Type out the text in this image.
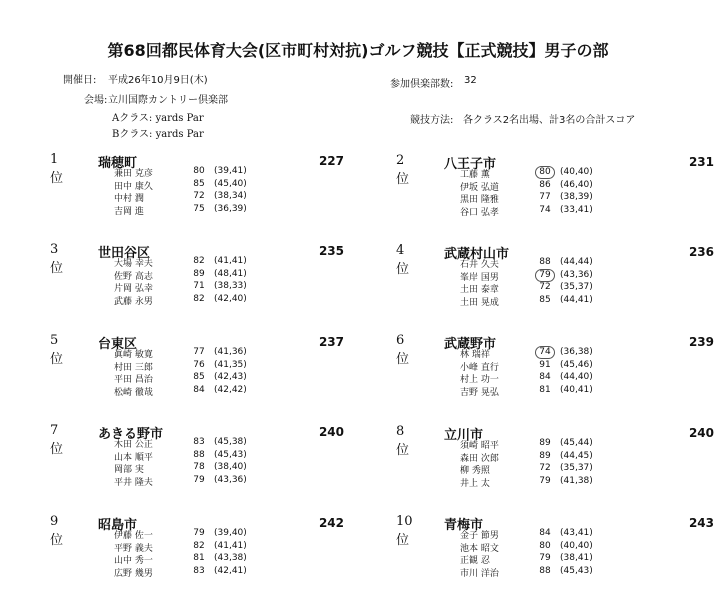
第68回都民体育大会(区市町村対抗)ゴルフ競技【正式競技】男子の部
開催日: 平成26年10月9日(木)
会場: 立川国際カントリー倶楽部
Aクラス: yards Par
Bクラス: yards Par
参加倶楽部数: 32
競技方法: 各クラス2名出場、計3名の合計スコア
1位
瑞穂町	227
兼田 克彦	80	(39,41)
田中 康久	85	(45,40)
中村 潤	72	(38,34)
吉岡 進	75	(36,39)
2位
八王子市	231
工藤 薫	80	(40,40)
伊坂 弘道	86	(46,40)
黒田 隆雅	77	(38,39)
谷口 弘孝	74	(33,41)
3位
世田谷区	235
大場 幸夫	82	(41,41)
佐野 高志	89	(48,41)
片岡 弘幸	71	(38,33)
武藤 永男	82	(42,40)
4位
武蔵村山市	236
石井 久夫	88	(44,44)
峯岸 国男	79	(43,36)
土田 泰章	72	(35,37)
土田 晃成	85	(44,41)
5位
台東区	237
眞崎 敏寛	77	(41,36)
村田 三郎	76	(41,35)
平田 昌治	85	(42,43)
松崎 徹哉	84	(42,42)
6位
武蔵野市	239
林 瑞祥	74	(36,38)
小峰 直行	91	(45,46)
村上 功一	84	(44,40)
吉野 晃弘	81	(40,41)
7位
あきる野市	240
木田 公正	83	(45,38)
山本 順平	88	(45,43)
岡部 実	78	(38,40)
平井 隆夫	79	(43,36)
8位
立川市	240
須崎 昭平	89	(45,44)
森田 次郎	89	(44,45)
柳 秀照	72	(35,37)
井上 太	79	(41,38)
9位
昭島市	242
伊藤 佐一	79	(39,40)
平野 義夫	82	(41,41)
山中 秀一	81	(43,38)
広野 幾男	83	(42,41)
10位
青梅市	243
金子 節男	84	(43,41)
池本 昭文	80	(40,40)
正観 忍	79	(38,41)
市川 洋治	88	(45,43)
